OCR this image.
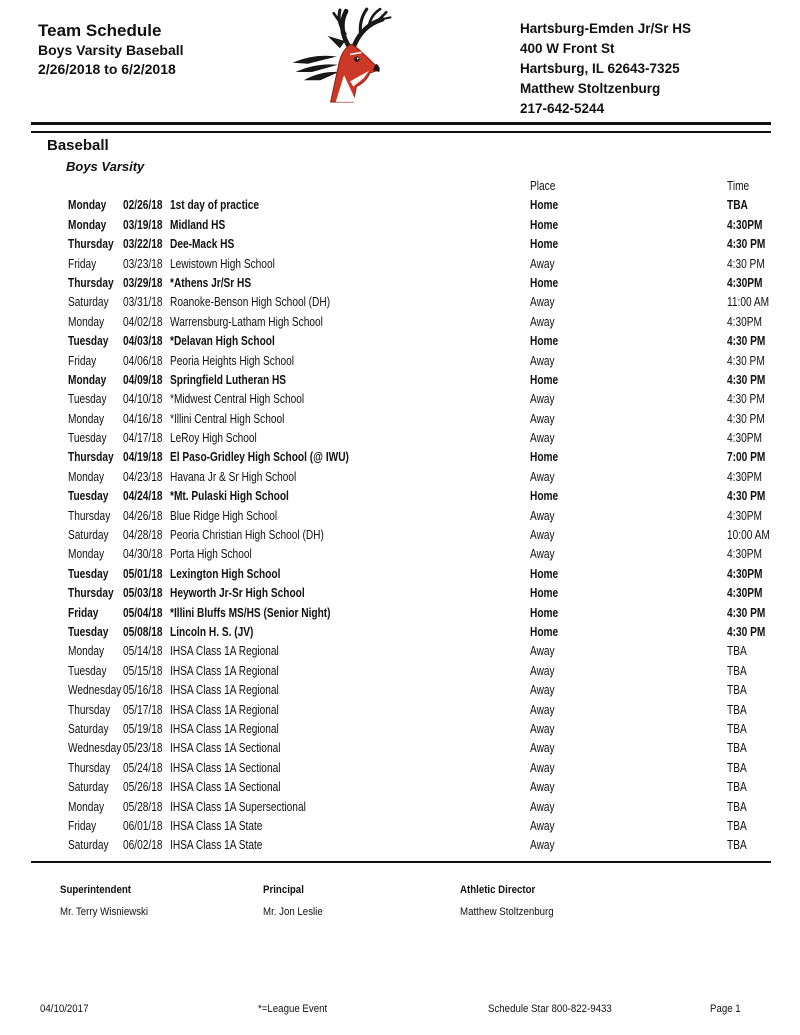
Team Schedule
Boys Varsity Baseball
2/26/2018 to 6/2/2018
Hartsburg-Emden Jr/Sr HS
400 W Front St
Hartsburg, IL 62643-7325
Matthew Stoltzenburg
217-642-5244
Baseball
Boys Varsity
Place	Time
Monday	02/26/18 1st day of practice	Home	TBA
Monday	03/19/18 Midland HS	Home	4:30PM
Thursday 03/22/18 Dee-Mack HS	Home	4:30 PM
Friday	03/23/18 Lewistown High School	Away	4:30 PM
Thursday 03/29/18 *Athens Jr/Sr HS	Home	4:30PM
Saturday	03/31/18 Roanoke-Benson High School (DH)	Away	11:00 AM
Monday	04/02/18 Warrensburg-Latham High School	Away	4:30PM
Tuesday	04/03/18 *Delavan High School	Home	4:30 PM
Friday	04/06/18 Peoria Heights High School	Away	4:30 PM
Monday	04/09/18 Springfield Lutheran HS	Home	4:30 PM
Tuesday	04/10/18 *Midwest Central High School	Away	4:30 PM
Monday	04/16/18 *Illini Central High School	Away	4:30 PM
Tuesday	04/17/18 LeRoy High School	Away	4:30PM
Thursday 04/19/18 El Paso-Gridley High School (@ IWU)	Home	7:00 PM
Monday	04/23/18 Havana Jr & Sr High School	Away	4:30PM
Tuesday	04/24/18 *Mt. Pulaski High School	Home	4:30 PM
Thursday 04/26/18 Blue Ridge High School	Away	4:30PM
Saturday	04/28/18 Peoria Christian High School (DH)	Away	10:00 AM
Monday	04/30/18 Porta High School	Away	4:30PM
Tuesday	05/01/18 Lexington High School	Home	4:30PM
Thursday 05/03/18 Heyworth Jr-Sr High School	Home	4:30PM
Friday	05/04/18 *Illini Bluffs MS/HS (Senior Night)	Home	4:30 PM
Tuesday	05/08/18 Lincoln H. S. (JV)	Home	4:30 PM
Monday	05/14/18 IHSA Class 1A Regional	Away	TBA
Tuesday	05/15/18 IHSA Class 1A Regional	Away	TBA
Wednesday 05/16/18 IHSA Class 1A Regional	Away	TBA
Thursday 05/17/18 IHSA Class 1A Regional	Away	TBA
Saturday	05/19/18 IHSA Class 1A Regional	Away	TBA
Wednesday 05/23/18 IHSA Class 1A Sectional	Away	TBA
Thursday 05/24/18 IHSA Class 1A Sectional	Away	TBA
Saturday	05/26/18 IHSA Class 1A Sectional	Away	TBA
Monday	05/28/18 IHSA Class 1A Supersectional	Away	TBA
Friday	06/01/18 IHSA Class 1A State	Away	TBA
Saturday	06/02/18 IHSA Class 1A State	Away	TBA
Superintendent
Mr. Terry Wisniewski
Principal
Mr. Jon Leslie
Athletic Director
Matthew Stoltzenburg
04/10/2017	*=League Event	Schedule Star 800-822-9433	Page 1
